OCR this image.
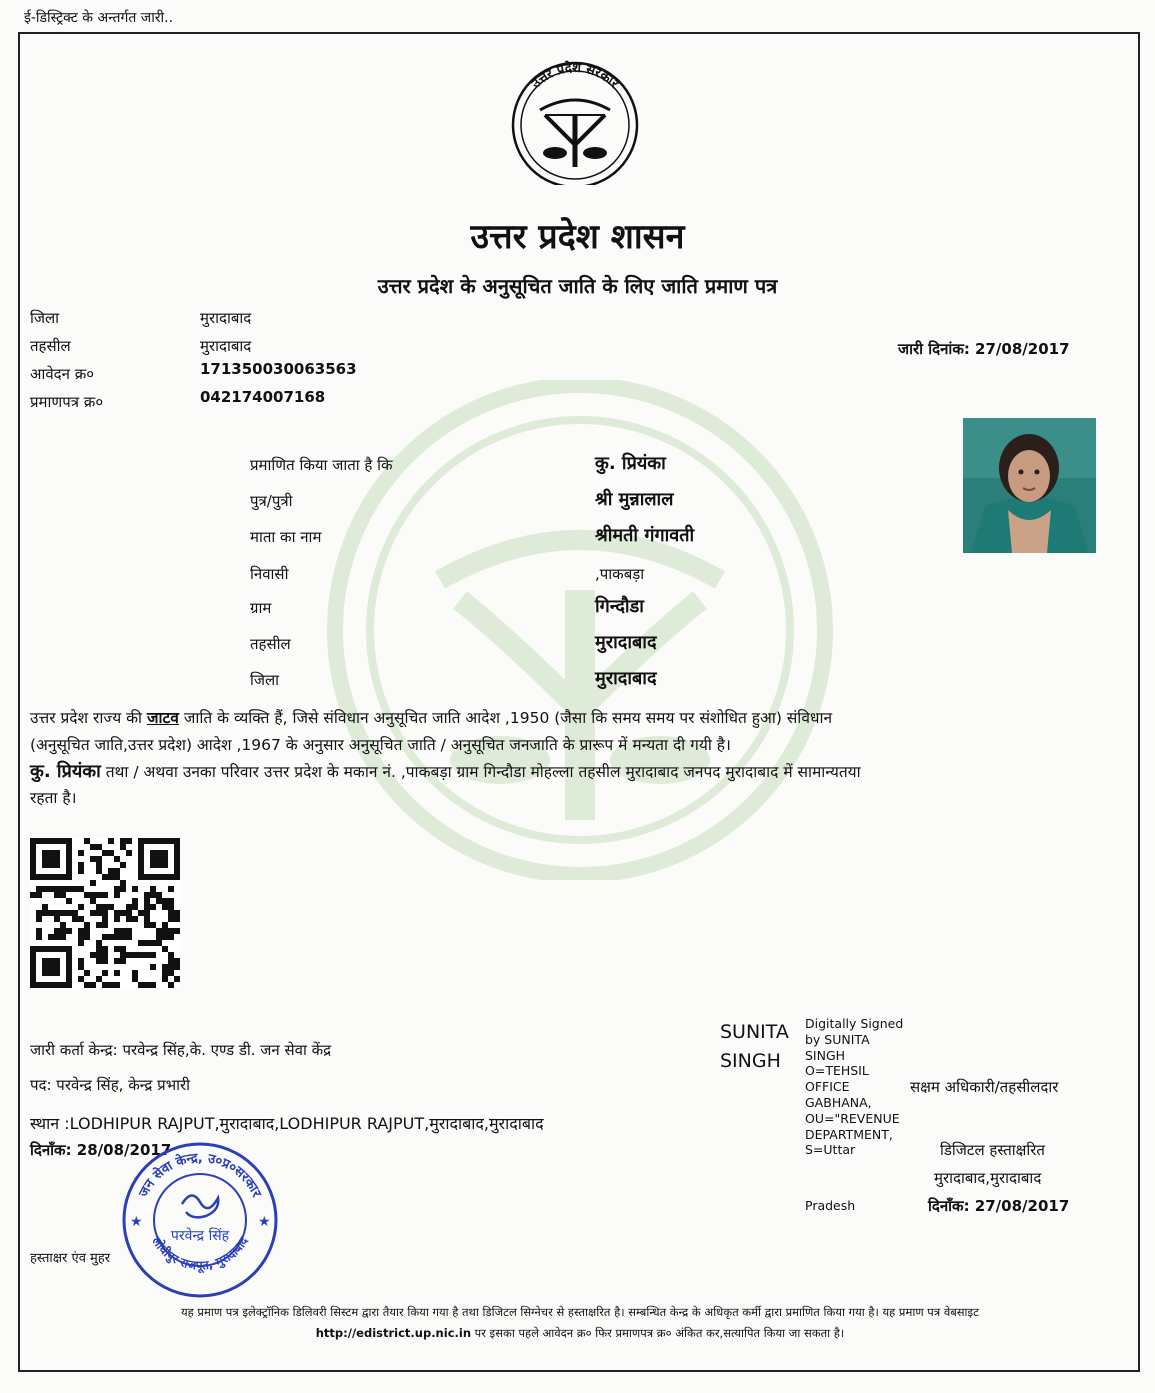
ई-डिस्ट्रिक्ट के अन्तर्गत जारी..
उत्तर प्रदेश सरकार
उत्तर प्रदेश शासन
उत्तर प्रदेश के अनुसूचित जाति के लिए जाति प्रमाण पत्र
जिला	मुरादाबाद
तहसील	मुरादाबाद
आवेदन क्र०	171350030063563
प्रमाणपत्र क्र०	042174007168
जारी दिनांक: 27/08/2017
प्रमाणित किया जाता है कि	कु. प्रियंका
पुत्र/पुत्री	श्री मुन्नालाल
माता का नाम	श्रीमती गंगावती
निवासी	,पाकबड़ा
ग्राम	गिन्दौडा
तहसील	मुरादाबाद
जिला	मुरादाबाद
उत्तर प्रदेश राज्य की जाटव जाति के व्यक्ति हैं, जिसे संविधान अनुसूचित जाति आदेश ,1950 (जैसा कि समय समय पर संशोधित हुआ) संविधान
(अनुसूचित जाति,उत्तर प्रदेश) आदेश ,1967 के अनुसार अनुसूचित जाति / अनुसूचित जनजाति के प्रारूप में मन्यता दी गयी है।
कु. प्रियंका तथा / अथवा उनका परिवार उत्तर प्रदेश के मकान नं. ,पाकबड़ा ग्राम गिन्दौडा मोहल्ला तहसील मुरादाबाद जनपद मुरादाबाद में सामान्यतया
रहता है।
जारी कर्ता केन्द्र: परवेन्द्र सिंह,के. एण्ड डी. जन सेवा केंद्र
पद: परवेन्द्र सिंह, केन्द्र प्रभारी
स्थान :LODHIPUR RAJPUT,मुरादाबाद,LODHIPUR RAJPUT,मुरादाबाद,मुरादाबाद
दिनाँक: 28/08/2017
हस्ताक्षर एंव मुहर
जन सेवा केन्द्र, उ०प्र०सरकार
लोधीपुर राजपूत, मुरादाबाद
★	★
परवेन्द्र सिंह
SUNITA
SINGH
Digitally Signed
by SUNITA
SINGH
O=TEHSIL
OFFICE
GABHANA,
OU="REVENUE
DEPARTMENT,
S=Uttar
Pradesh
सक्षम अधिकारी/तहसीलदार
डिजिटल हस्ताक्षरित
मुरादाबाद,मुरादाबाद
दिनाँक: 27/08/2017
यह प्रमाण पत्र इलेक्ट्रॉनिक डिलिवरी सिस्टम द्वारा तैयार किया गया है तथा डिजिटल सिग्नेचर से हस्ताक्षरित है। सम्बन्धित केन्द्र के अधिकृत कर्मी द्वारा प्रमाणित किया गया है। यह प्रमाण पत्र वेबसाइट
http://edistrict.up.nic.in पर इसका पहले आवेदन क्र० फिर प्रमाणपत्र क्र० अंकित कर,सत्यापित किया जा सकता है।
